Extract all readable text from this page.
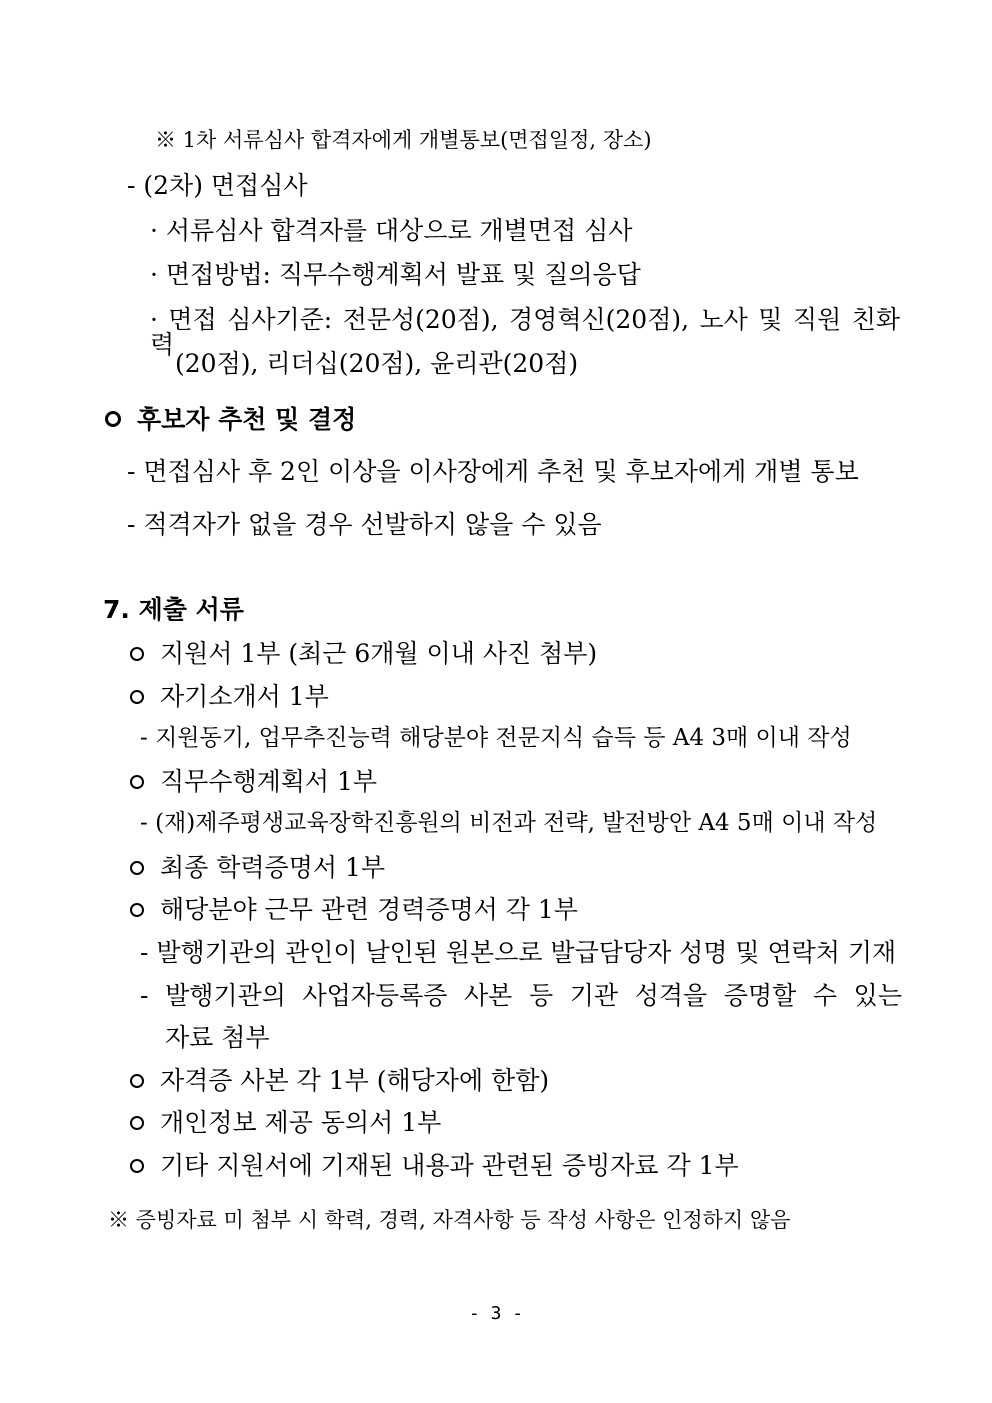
※ 1차 서류심사 합격자에게 개별통보(면접일정, 장소)
- (2차) 면접심사
· 서류심사 합격자를 대상으로 개별면접 심사
· 면접방법: 직무수행계획서 발표 및 질의응답
· 면접 심사기준: 전문성(20점), 경영혁신(20점), 노사 및 직원 친화력
(20점), 리더십(20점), 윤리관(20점)
후보자 추천 및 결정
- 면접심사 후 2인 이상을 이사장에게 추천 및 후보자에게 개별 통보
- 적격자가 없을 경우 선발하지 않을 수 있음
7. 제출 서류
지원서 1부 (최근 6개월 이내 사진 첨부)
자기소개서 1부
- 지원동기, 업무추진능력 해당분야 전문지식 습득 등 A4 3매 이내 작성
직무수행계획서 1부
- (재)제주평생교육장학진흥원의 비전과 전략, 발전방안 A4 5매 이내 작성
최종 학력증명서 1부
해당분야 근무 관련 경력증명서 각 1부
- 발행기관의 관인이 날인된 원본으로 발급담당자 성명 및 연락처 기재
- 발행기관의 사업자등록증 사본 등 기관 성격을 증명할 수 있는
자료 첨부
자격증 사본 각 1부 (해당자에 한함)
개인정보 제공 동의서 1부
기타 지원서에 기재된 내용과 관련된 증빙자료 각 1부
※ 증빙자료 미 첨부 시 학력, 경력, 자격사항 등 작성 사항은 인정하지 않음
- 3 -
